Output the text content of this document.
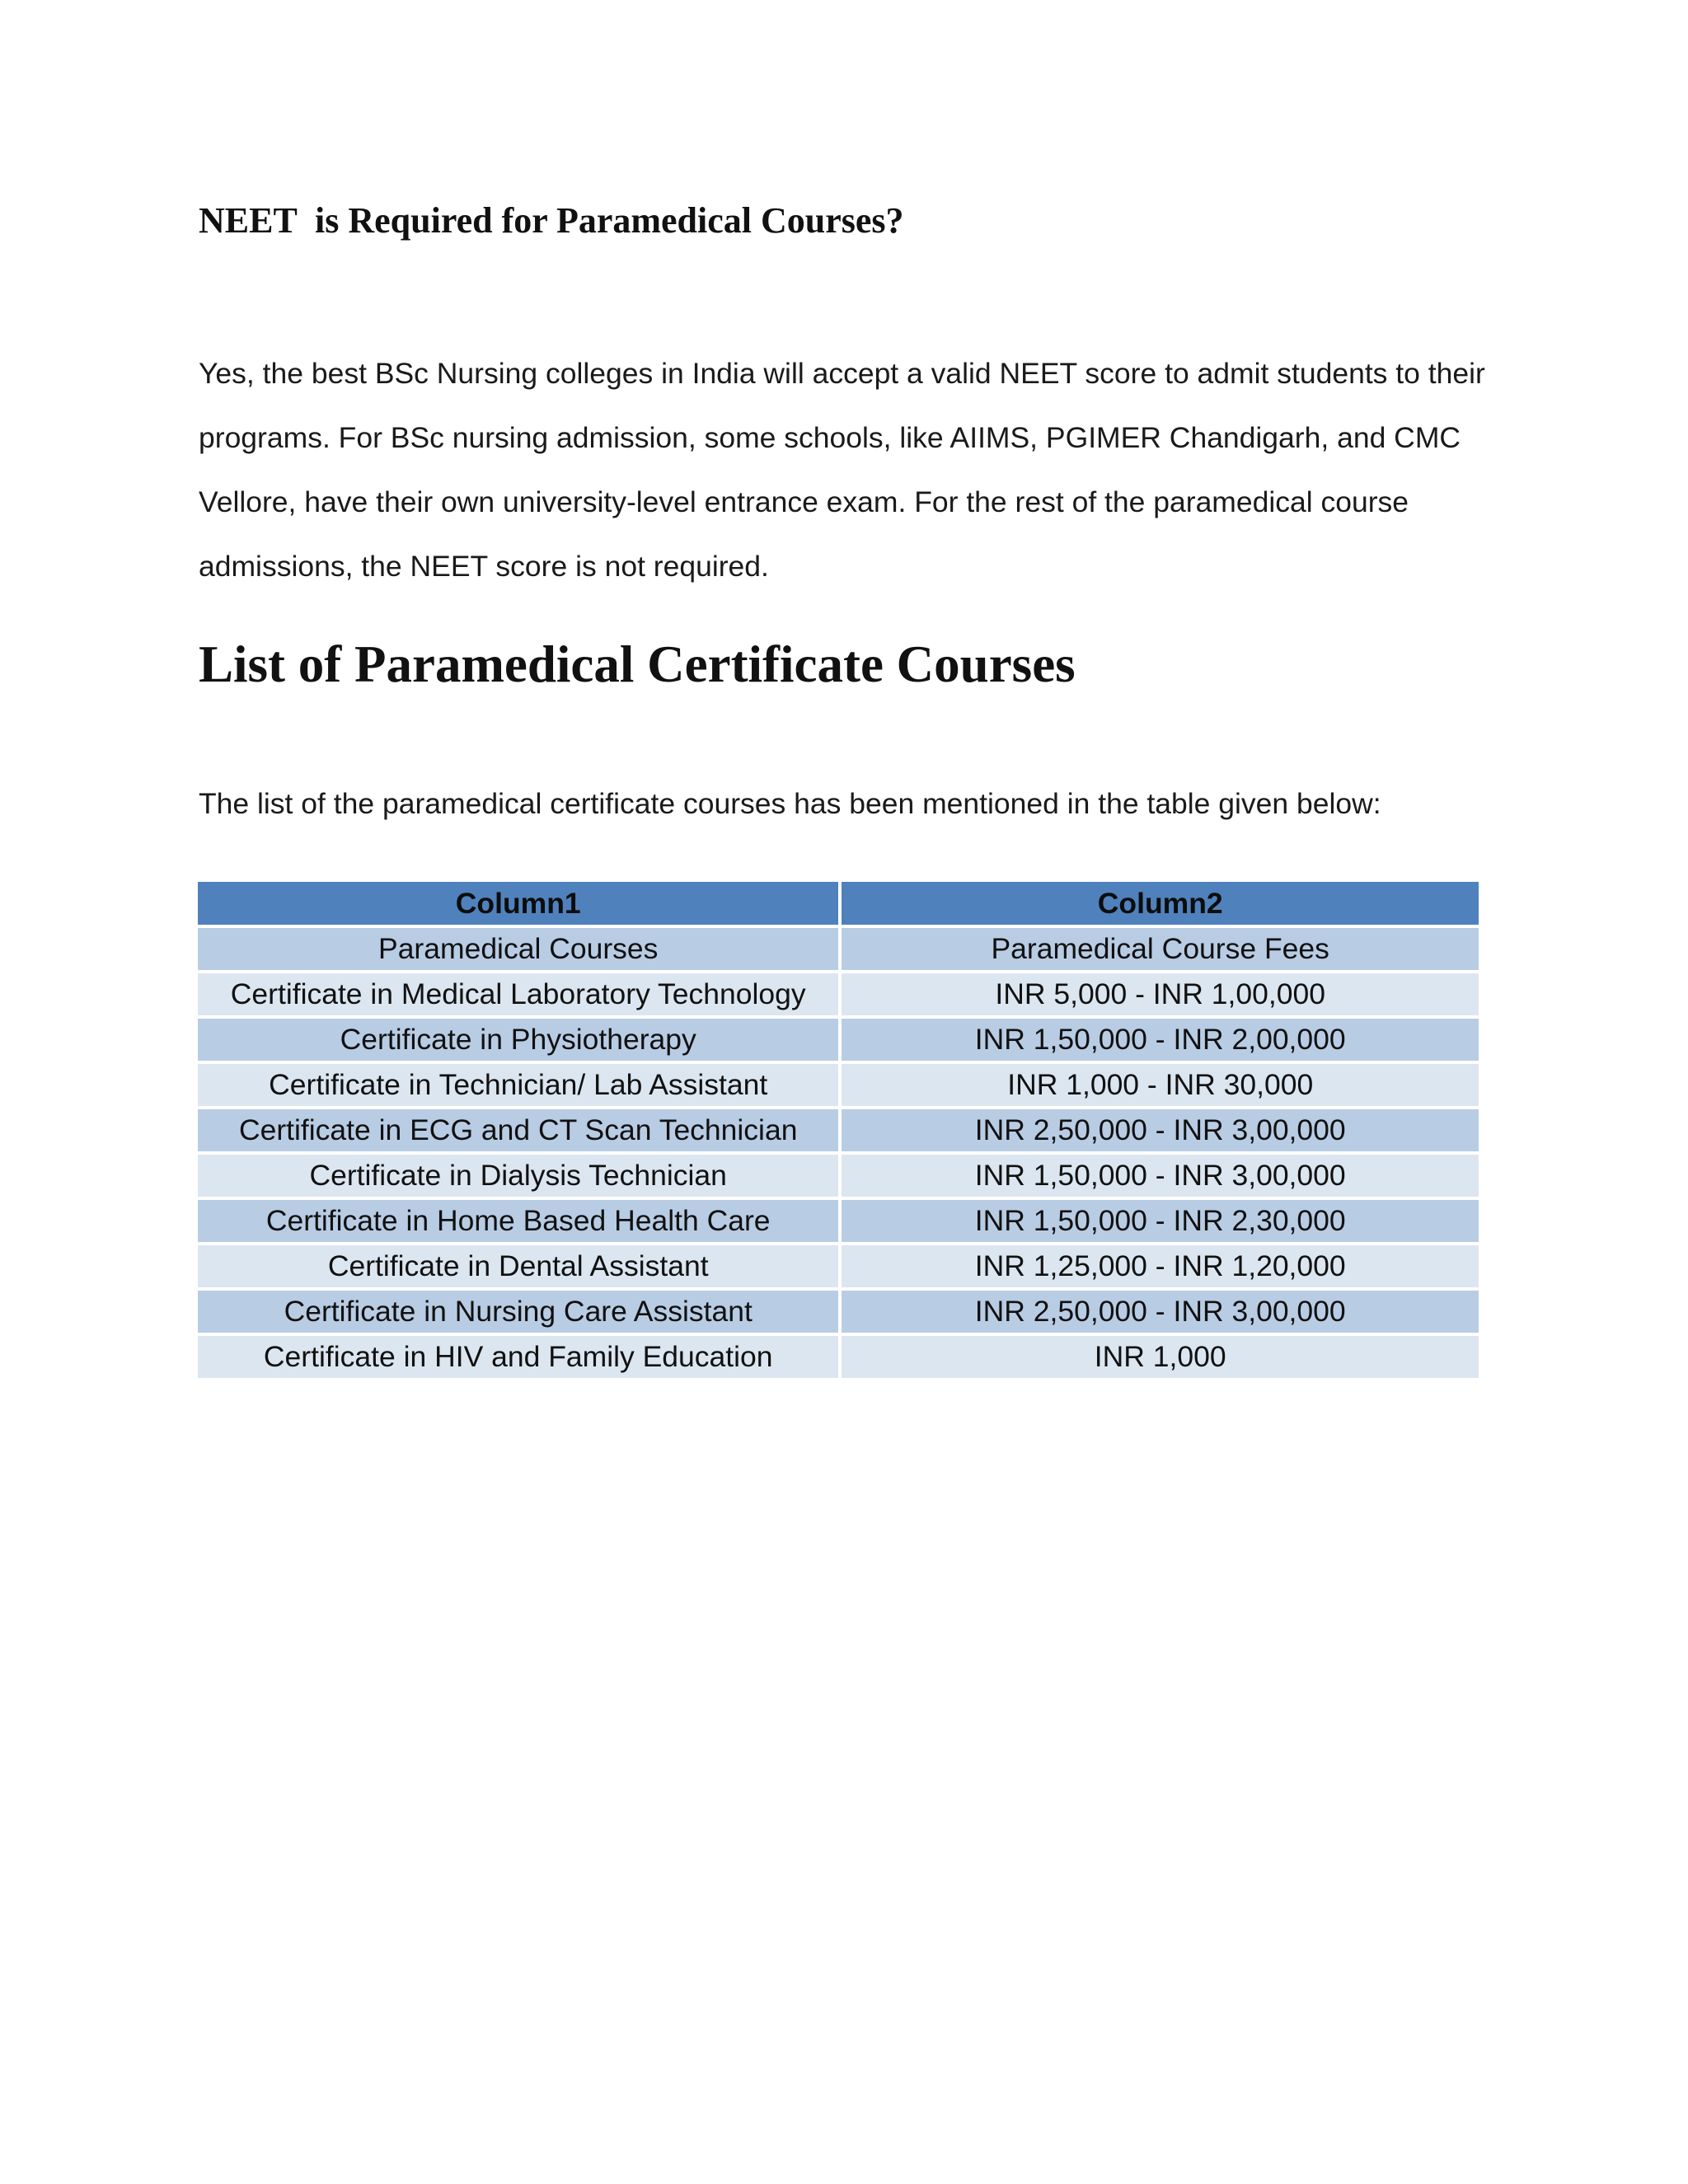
NEET  is Required for Paramedical Courses?

Yes, the best BSc Nursing colleges in India will accept a valid NEET score to admit students to their
programs. For BSc nursing admission, some schools, like AIIMS, PGIMER Chandigarh, and CMC
Vellore, have their own university-level entrance exam. For the rest of the paramedical course
admissions, the NEET score is not required.

List of Paramedical Certificate Courses

The list of the paramedical certificate courses has been mentioned in the table given below:

Column1	Column2
Paramedical Courses	Paramedical Course Fees
Certificate in Medical Laboratory Technology	INR 5,000 - INR 1,00,000
Certificate in Physiotherapy	INR 1,50,000 - INR 2,00,000
Certificate in Technician/ Lab Assistant	INR 1,000 - INR 30,000
Certificate in ECG and CT Scan Technician	INR 2,50,000 - INR 3,00,000
Certificate in Dialysis Technician	INR 1,50,000 - INR 3,00,000
Certificate in Home Based Health Care	INR 1,50,000 - INR 2,30,000
Certificate in Dental Assistant	INR 1,25,000 - INR 1,20,000
Certificate in Nursing Care Assistant	INR 2,50,000 - INR 3,00,000
Certificate in HIV and Family Education	INR 1,000
